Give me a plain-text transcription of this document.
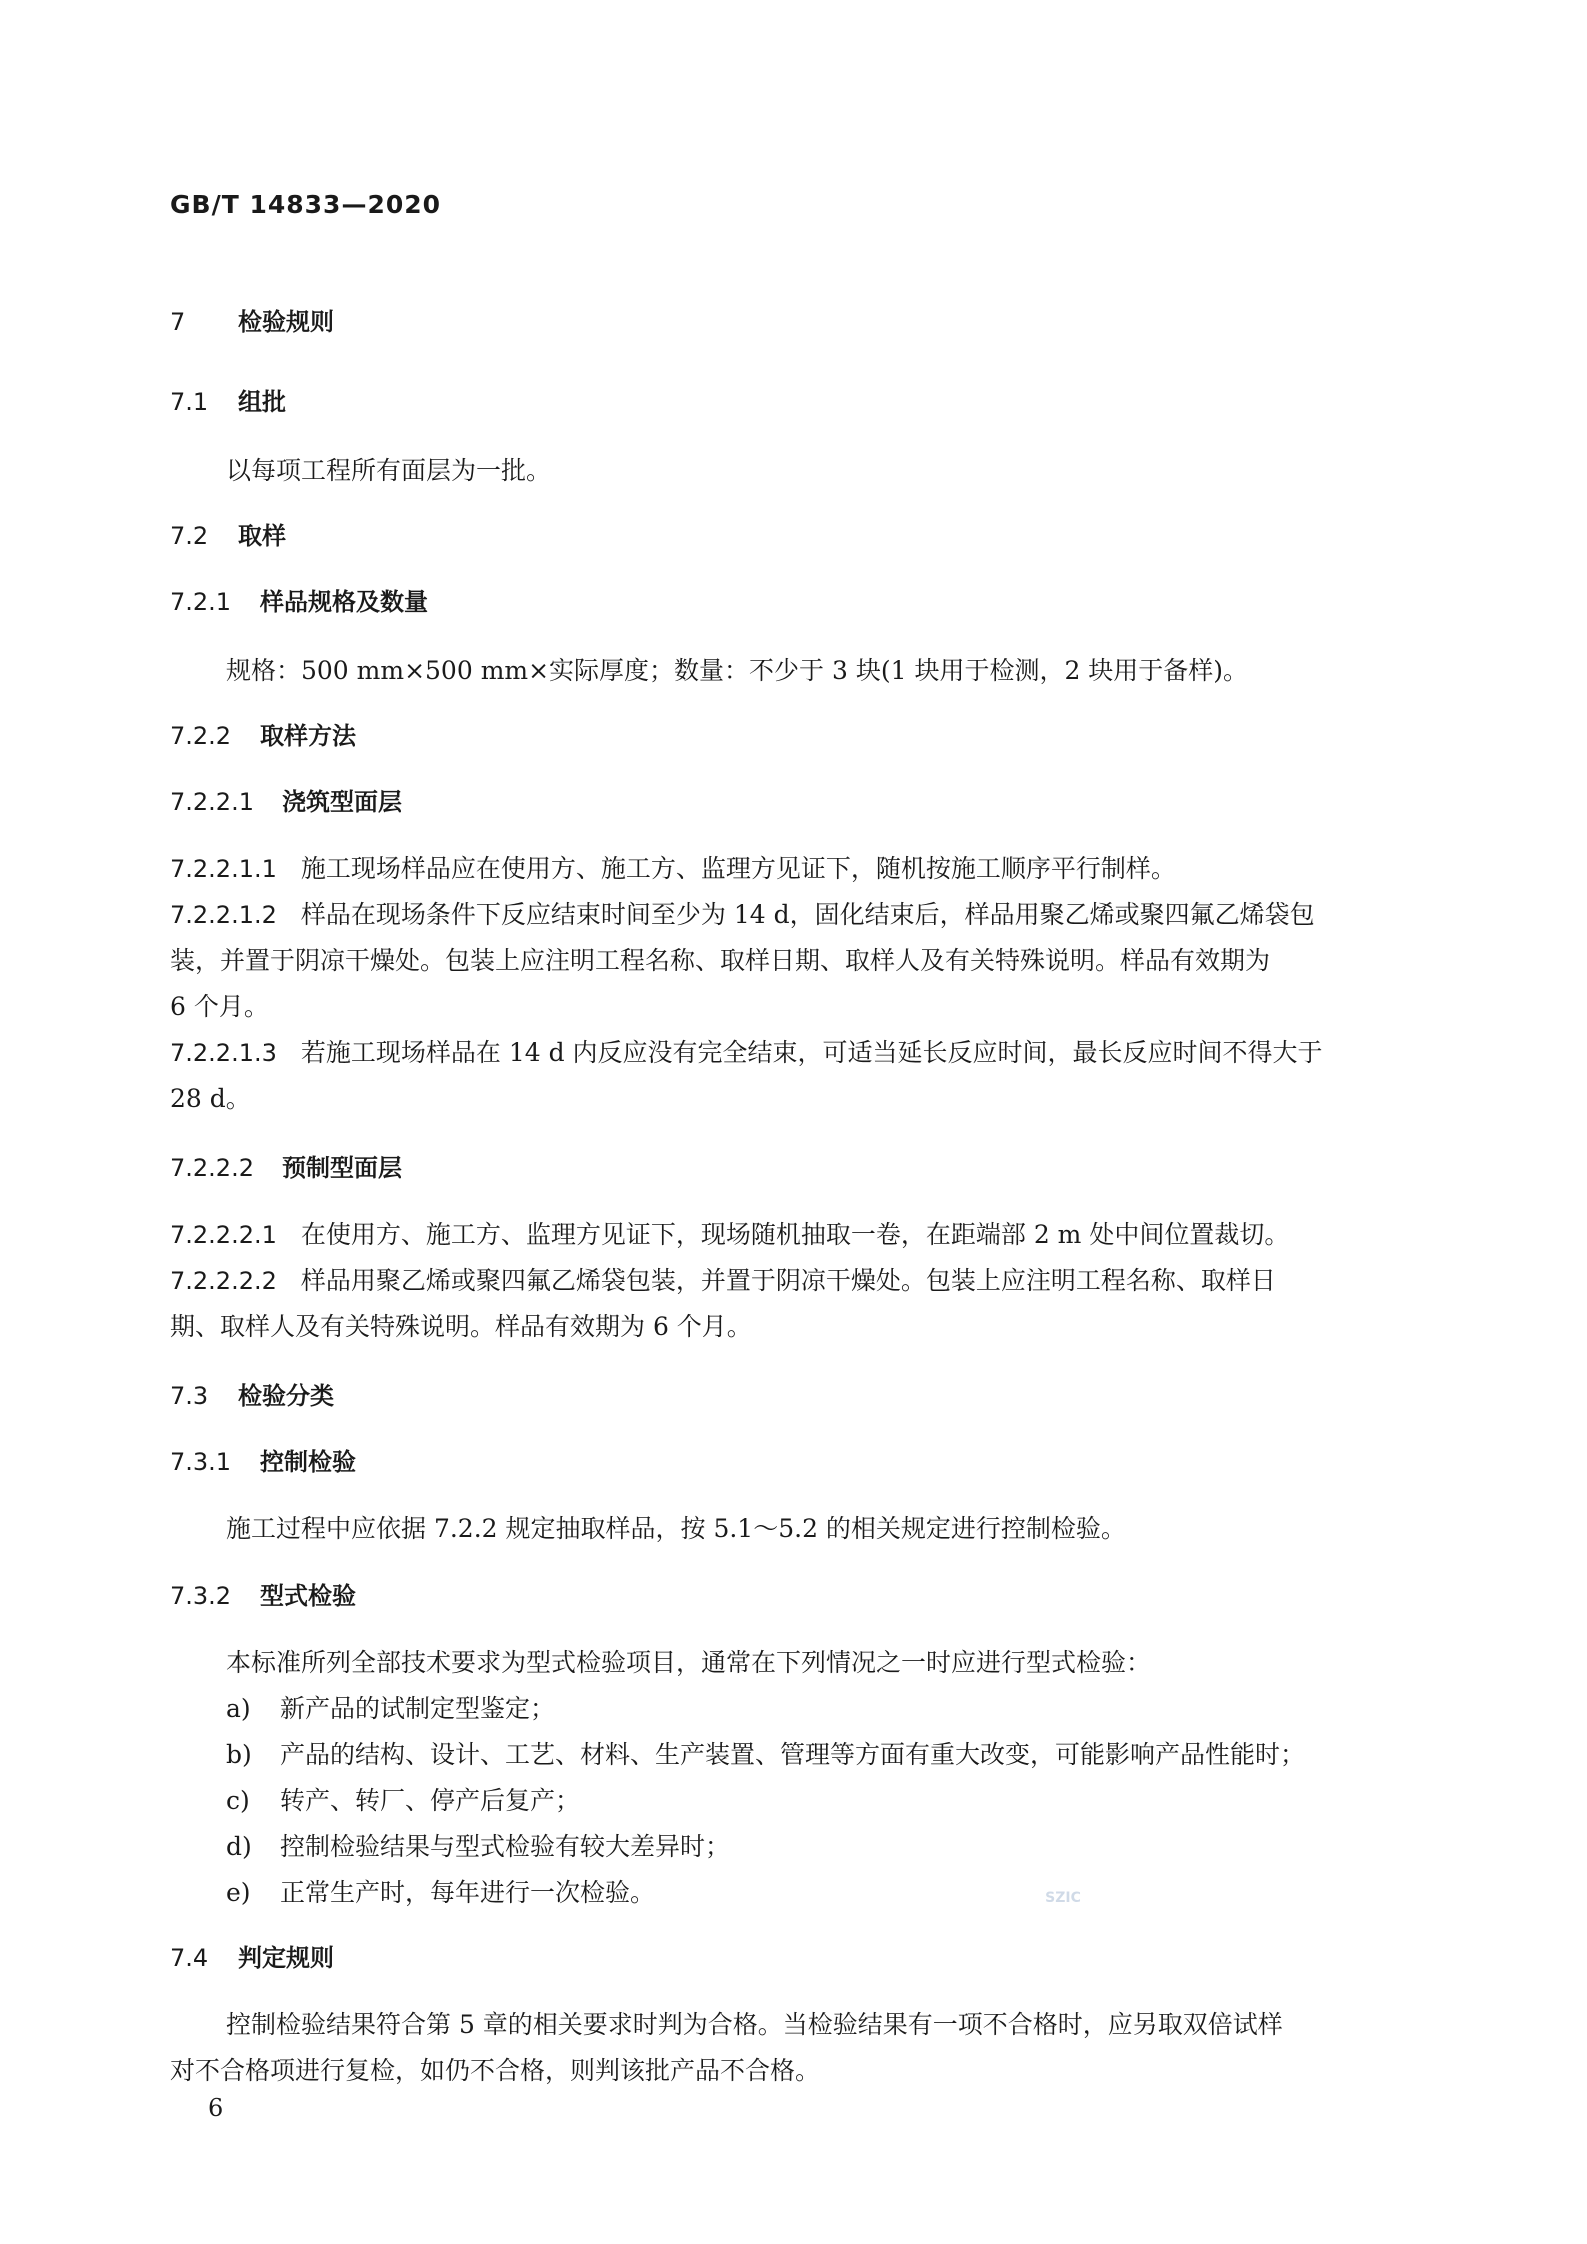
GB/T 14833—2020
7 检验规则
7.1 组批
以每项工程所有面层为一批。
7.2 取样
7.2.1 样品规格及数量
规格：500 mm×500 mm×实际厚度；数量：不少于 3 块(1 块用于检测，2 块用于备样)。
7.2.2 取样方法
7.2.2.1 浇筑型面层
7.2.2.1.1 施工现场样品应在使用方、施工方、监理方见证下，随机按施工顺序平行制样。
7.2.2.1.2 样品在现场条件下反应结束时间至少为 14 d，固化结束后，样品用聚乙烯或聚四氟乙烯袋包
装，并置于阴凉干燥处。包装上应注明工程名称、取样日期、取样人及有关特殊说明。样品有效期为
6 个月。
7.2.2.1.3 若施工现场样品在 14 d 内反应没有完全结束，可适当延长反应时间，最长反应时间不得大于
28 d。
7.2.2.2 预制型面层
7.2.2.2.1 在使用方、施工方、监理方见证下，现场随机抽取一卷，在距端部 2 m 处中间位置裁切。
7.2.2.2.2 样品用聚乙烯或聚四氟乙烯袋包装，并置于阴凉干燥处。包装上应注明工程名称、取样日
期、取样人及有关特殊说明。样品有效期为 6 个月。
7.3 检验分类
7.3.1 控制检验
施工过程中应依据 7.2.2 规定抽取样品，按 5.1～5.2 的相关规定进行控制检验。
7.3.2 型式检验
本标准所列全部技术要求为型式检验项目，通常在下列情况之一时应进行型式检验：
a) 新产品的试制定型鉴定；
b) 产品的结构、设计、工艺、材料、生产装置、管理等方面有重大改变，可能影响产品性能时；
c) 转产、转厂、停产后复产；
d) 控制检验结果与型式检验有较大差异时；
e) 正常生产时，每年进行一次检验。	SZIC
7.4 判定规则
控制检验结果符合第 5 章的相关要求时判为合格。当检验结果有一项不合格时，应另取双倍试样
对不合格项进行复检，如仍不合格，则判该批产品不合格。
6
